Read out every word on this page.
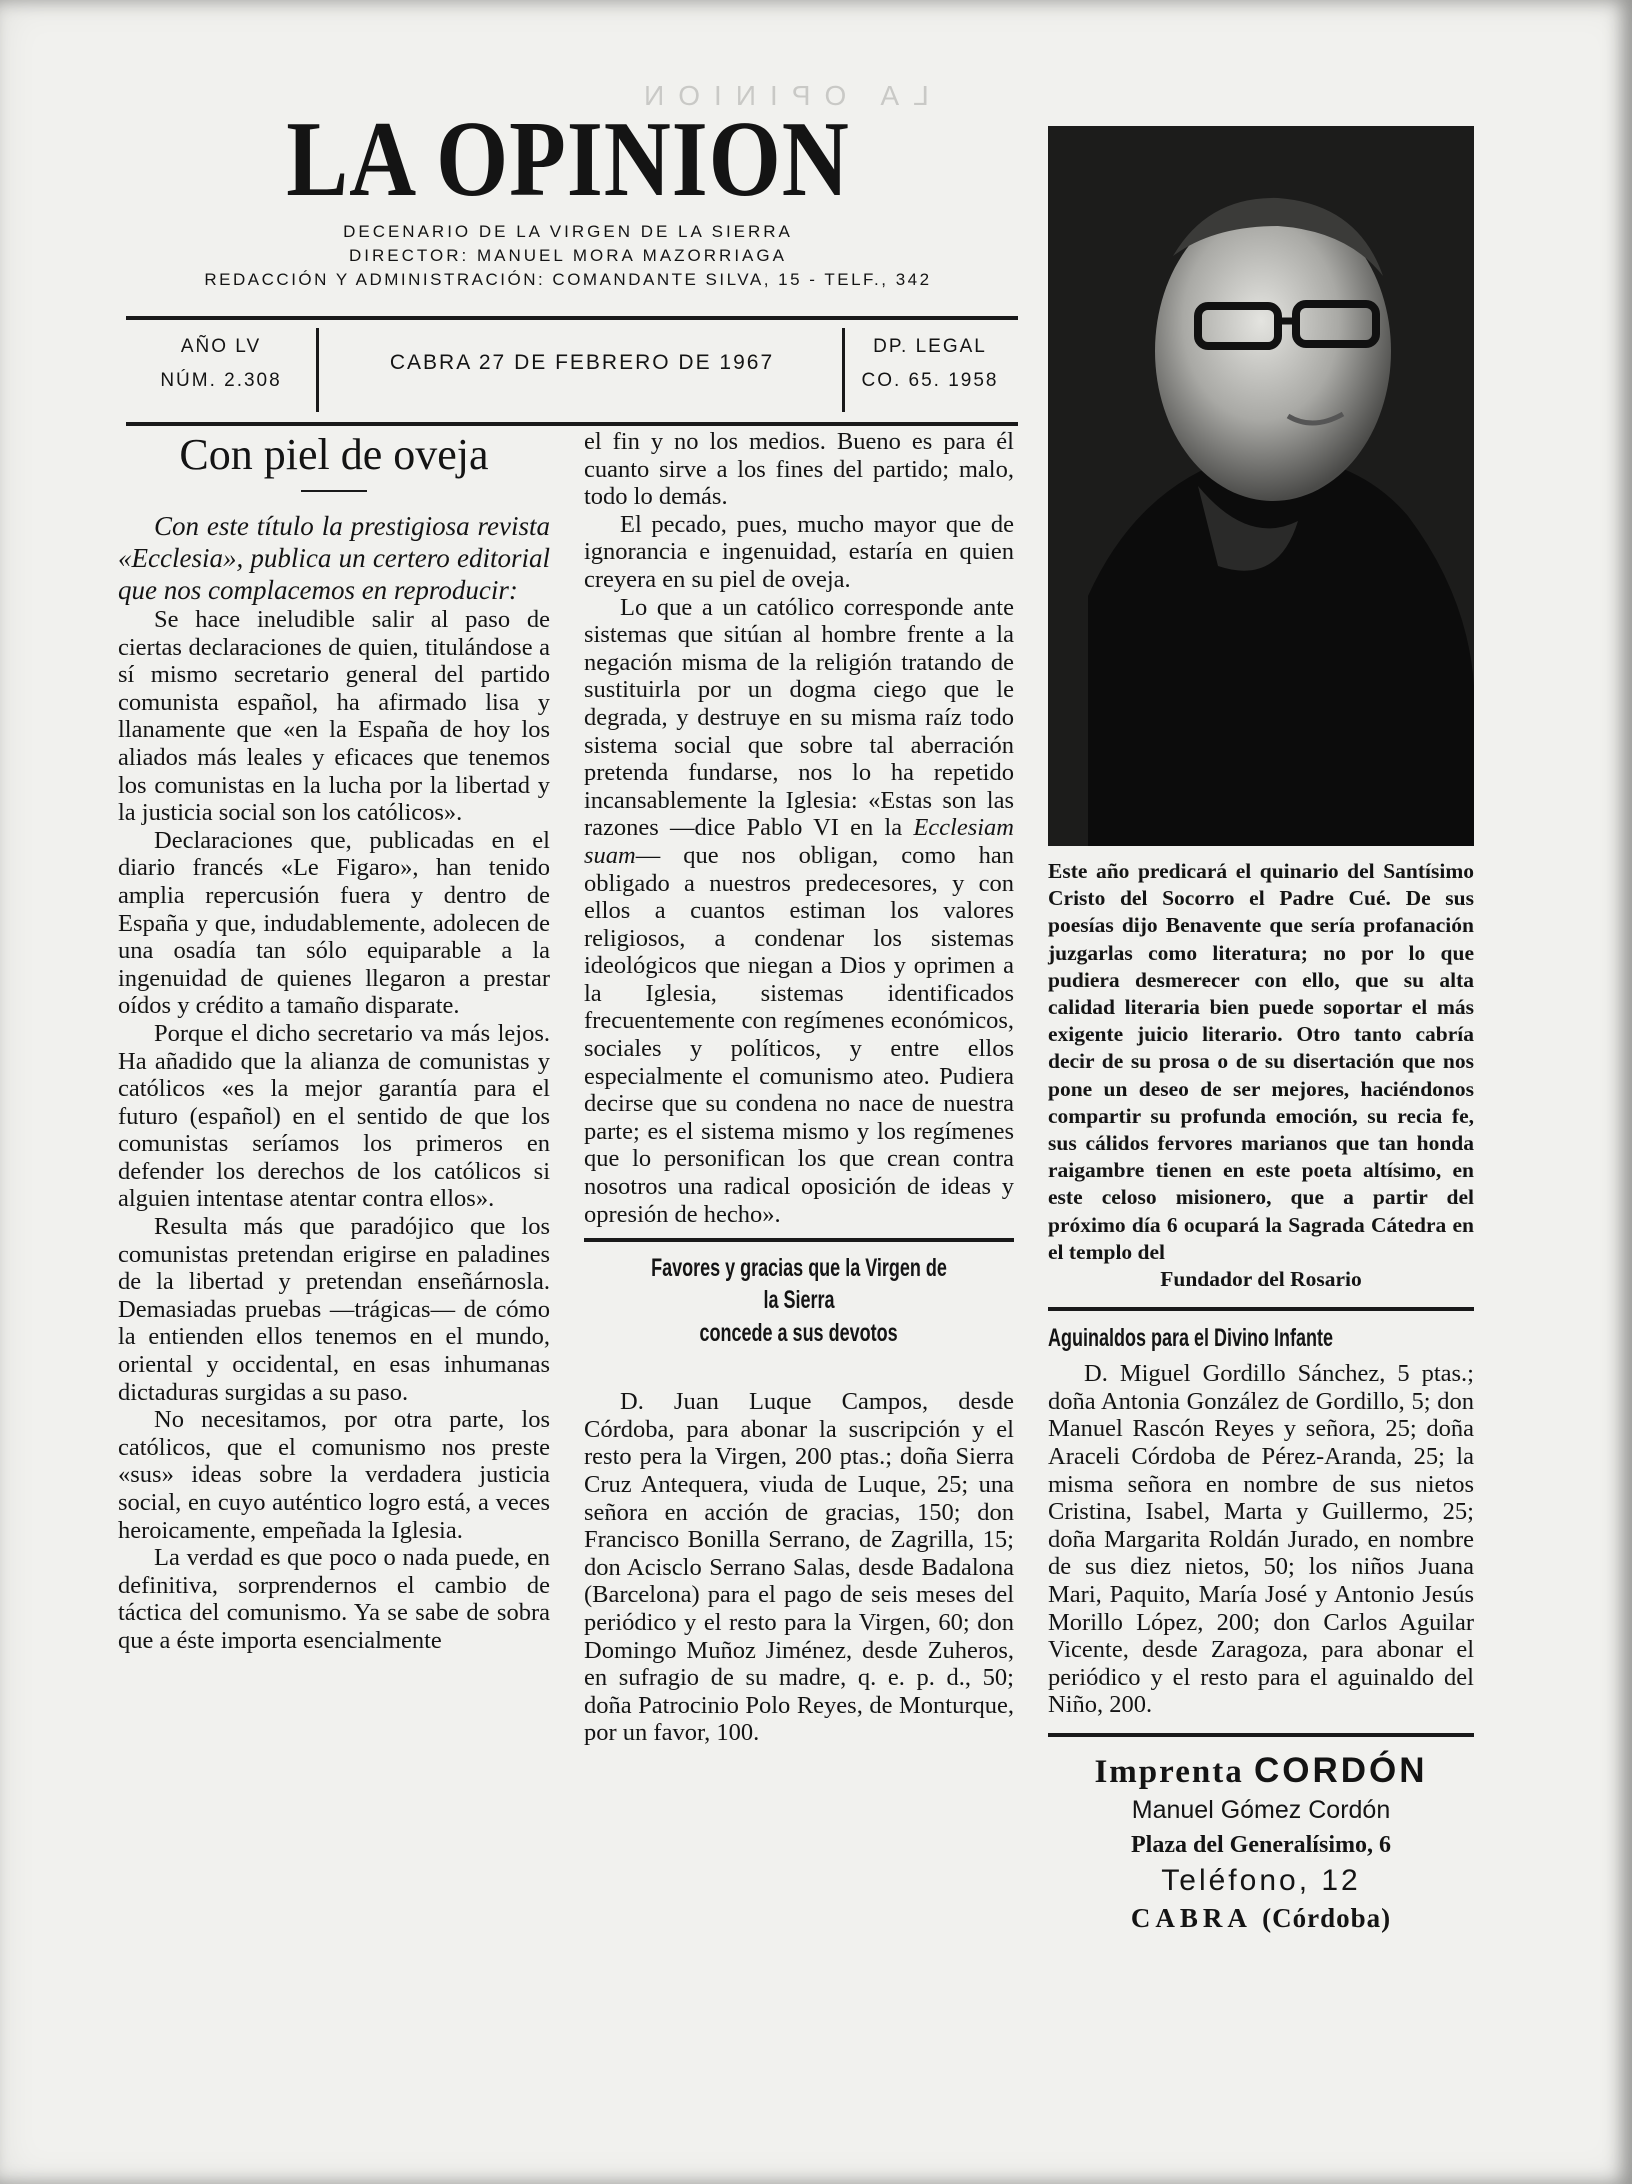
LA OPINION
LA OPINION
DECENARIO DE LA VIRGEN DE LA SIERRA
DIRECTOR: MANUEL MORA MAZORRIAGA
REDACCIÓN Y ADMINISTRACIÓN: COMANDANTE SILVA, 15 - TELF., 342
AÑO LV
NÚM. 2.308
CABRA 27 DE FEBRERO DE 1967
DP. LEGAL
CO. 65. 1958
Con piel de oveja

Con este título la prestigiosa revista «Ecclesia», publica un certero editorial que nos complacemos en reproducir:

Se hace ineludible salir al paso de ciertas declaraciones de quien, titulándose a sí mismo secretario general del partido comunista español, ha afirmado lisa y llanamente que «en la España de hoy los aliados más leales y eficaces que tenemos los comunistas en la lucha por la libertad y la justicia social son los católicos».

Declaraciones que, publicadas en el diario francés «Le Figaro», han tenido amplia repercusión fuera y dentro de España y que, indudablemente, adolecen de una osadía tan sólo equiparable a la ingenuidad de quienes llegaron a prestar oídos y crédito a tamaño disparate.

Porque el dicho secretario va más lejos. Ha añadido que la alianza de comunistas y católicos «es la mejor garantía para el futuro (español) en el sentido de que los comunistas seríamos los primeros en defender los derechos de los católicos si alguien intentase atentar contra ellos».

Resulta más que paradójico que los comunistas pretendan erigirse en paladines de la libertad y pretendan enseñárnosla. Demasiadas pruebas —trágicas— de cómo la entienden ellos tenemos en el mundo, oriental y occidental, en esas inhumanas dictaduras surgidas a su paso.

No necesitamos, por otra parte, los católicos, que el comunismo nos preste «sus» ideas sobre la verdadera justicia social, en cuyo auténtico logro está, a veces heroicamente, empeñada la Iglesia.

La verdad es que poco o nada puede, en definitiva, sorprendernos el cambio de táctica del comunismo. Ya se sabe de sobra que a éste importa esencialmente

el fin y no los medios. Bueno es para él cuanto sirve a los fines del partido; malo, todo lo demás.

El pecado, pues, mucho mayor que de ignorancia e ingenuidad, estaría en quien creyera en su piel de oveja.

Lo que a un católico corresponde ante sistemas que sitúan al hombre frente a la negación misma de la religión tratando de sustituirla por un dogma ciego que le degrada, y destruye en su misma raíz todo sistema social que sobre tal aberración pretenda fundarse, nos lo ha repetido incansablemente la Iglesia: «Estas son las razones —dice Pablo VI en la Ecclesiam suam— que nos obligan, como han obligado a nuestros predecesores, y con ellos a cuantos estiman los valores religiosos, a condenar los sistemas ideológicos que niegan a Dios y oprimen a la Iglesia, sistemas identificados frecuentemente con regímenes económicos, sociales y políticos, y entre ellos especialmente el comunismo ateo. Pudiera decirse que su condena no nace de nuestra parte; es el sistema mismo y los regímenes que lo personifican los que crean contra nosotros una radical oposición de ideas y opresión de hecho».

Favores y gracias que la Virgen de la Sierra
concede a sus devotos

D. Juan Luque Campos, desde Córdoba, para abonar la suscripción y el resto pera la Virgen, 200 ptas.; doña Sierra Cruz Antequera, viuda de Luque, 25; una señora en acción de gracias, 150; don Francisco Bonilla Serrano, de Zagrilla, 15; don Acisclo Serrano Salas, desde Badalona (Barcelona) para el pago de seis meses del periódico y el resto para la Virgen, 60; don Domingo Muñoz Jiménez, desde Zuheros, en sufragio de su madre, q. e. p. d., 50; doña Patrocinio Polo Reyes, de Monturque, por un favor, 100.

Este año predicará el quinario del Santísimo Cristo del Socorro el Padre Cué. De sus poesías dijo Benavente que sería profanación juzgarlas como literatura; no por lo que pudiera desmerecer con ello, que su alta calidad literaria bien puede soportar el más exigente juicio literario. Otro tanto cabría decir de su prosa o de su disertación que nos pone un deseo de ser mejores, haciéndonos compartir su profunda emoción, su recia fe, sus cálidos fervores marianos que tan honda raigambre tienen en este poeta altísimo, en este celoso misionero, que a partir del próximo día 6 ocupará la Sagrada Cátedra en el templo del
Fundador del Rosario
Aguinaldos para el Divino Infante

D. Miguel Gordillo Sánchez, 5 ptas.; doña Antonia González de Gordillo, 5; don Manuel Rascón Reyes y señora, 25; doña Araceli Córdoba de Pérez-Aranda, 25; la misma señora en nombre de sus nietos Cristina, Isabel, Marta y Guillermo, 25; doña Margarita Roldán Jurado, en nombre de sus diez nietos, 50; los niños Juana Mari, Paquito, María José y Antonio Jesús Morillo López, 200; don Carlos Aguilar Vicente, desde Zaragoza, para abonar el periódico y el resto para el aguinaldo del Niño, 200.

Imprenta CORDÓN
Manuel Gómez Cordón
Plaza del Generalísimo, 6
Teléfono, 12
CABRA (Córdoba)
